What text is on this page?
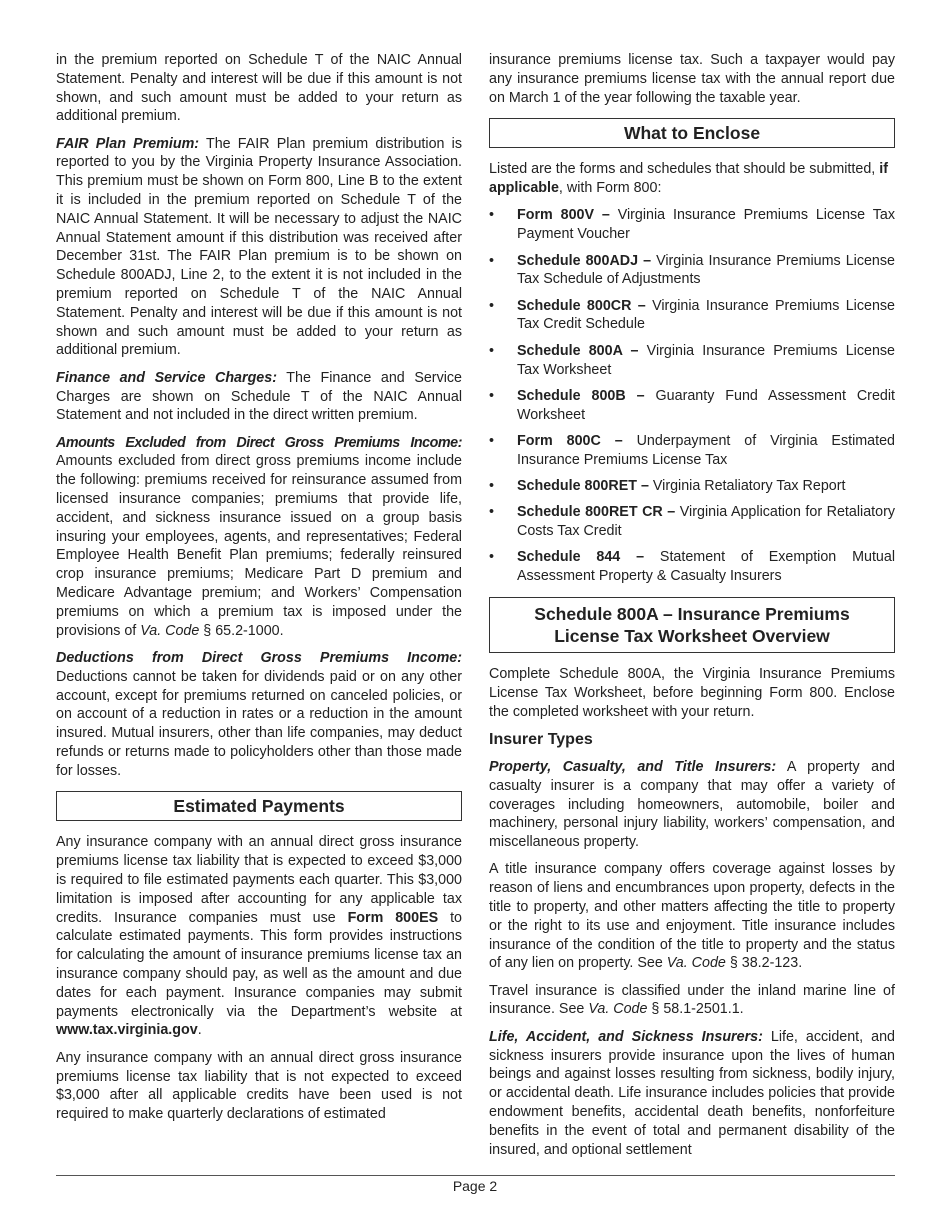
in the premium reported on Schedule T of the NAIC Annual Statement. Penalty and interest will be due if this amount is not shown, and such amount must be added to your return as additional premium.

FAIR Plan Premium: The FAIR Plan premium distribution is reported to you by the Virginia Property Insurance Association. This premium must be shown on Form 800, Line B to the extent it is included in the premium reported on Schedule T of the NAIC Annual Statement. It will be necessary to adjust the NAIC Annual Statement amount if this distribution was received after December 31st. The FAIR Plan premium is to be shown on Schedule 800ADJ, Line 2, to the extent it is not included in the premium reported on Schedule T of the NAIC Annual Statement. Penalty and interest will be due if this amount is not shown and such amount must be added to your return as additional premium.

Finance and Service Charges: The Finance and Service Charges are shown on Schedule T of the NAIC Annual Statement and not included in the direct written premium.

Amounts Excluded from Direct Gross Premiums Income: Amounts excluded from direct gross premiums income include the following: premiums received for reinsurance assumed from licensed insurance companies; premiums that provide life, accident, and sickness insurance issued on a group basis insuring your employees, agents, and representatives; Federal Employee Health Benefit Plan premiums; federally reinsured crop insurance premiums; Medicare Part D premium and Medicare Advantage premium; and Workers’ Compensation premiums on which a premium tax is imposed under the provisions of Va. Code § 65.2-1000.

Deductions from Direct Gross Premiums Income: Deductions cannot be taken for dividends paid or on any other account, except for premiums returned on canceled policies, or on account of a reduction in rates or a reduction in the amount insured. Mutual insurers, other than life companies, may deduct refunds or returns made to policyholders other than those made for losses.

Estimated Payments

Any insurance company with an annual direct gross insurance premiums license tax liability that is expected to exceed $3,000 is required to file estimated payments each quarter. This $3,000 limitation is imposed after accounting for any applicable tax credits. Insurance companies must use Form 800ES to calculate estimated payments. This form provides instructions for calculating the amount of insurance premiums license tax an insurance company should pay, as well as the amount and due dates for each payment. Insurance companies may submit payments electronically via the Department’s website at www.tax.virginia.gov.

Any insurance company with an annual direct gross insurance premiums license tax liability that is not expected to exceed $3,000 after all applicable credits have been used is not required to make quarterly declarations of estimated

insurance premiums license tax. Such a taxpayer would pay any insurance premiums license tax with the annual report due on March 1 of the year following the taxable year.

What to Enclose

Listed are the forms and schedules that should be submitted, if applicable, with Form 800:

• Form 800V – Virginia Insurance Premiums License Tax Payment Voucher
• Schedule 800ADJ – Virginia Insurance Premiums License Tax Schedule of Adjustments
• Schedule 800CR – Virginia Insurance Premiums License Tax Credit Schedule
• Schedule 800A – Virginia Insurance Premiums License Tax Worksheet
• Schedule 800B – Guaranty Fund Assessment Credit Worksheet
• Form 800C – Underpayment of Virginia Estimated Insurance Premiums License Tax
• Schedule 800RET – Virginia Retaliatory Tax Report
• Schedule 800RET CR – Virginia Application for Retaliatory Costs Tax Credit
• Schedule 844 – Statement of Exemption Mutual Assessment Property & Casualty Insurers
Schedule 800A – Insurance Premiums
License Tax Worksheet Overview

Complete Schedule 800A, the Virginia Insurance Premiums License Tax Worksheet, before beginning Form 800. Enclose the completed worksheet with your return.

Insurer Types

Property, Casualty, and Title Insurers: A property and casualty insurer is a company that may offer a variety of coverages including homeowners, automobile, boiler and machinery, personal injury liability, workers’ compensation, and miscellaneous property.

A title insurance company offers coverage against losses by reason of liens and encumbrances upon property, defects in the title to property, and other matters affecting the title to property or the right to its use and enjoyment. Title insurance includes insurance of the condition of the title to property and the status of any lien on property. See Va. Code § 38.2-123.

Travel insurance is classified under the inland marine line of insurance. See Va. Code § 58.1-2501.1.

Life, Accident, and Sickness Insurers: Life, accident, and sickness insurers provide insurance upon the lives of human beings and against losses resulting from sickness, bodily injury, or accidental death. Life insurance includes policies that provide endowment benefits, accidental death benefits, nonforfeiture benefits in the event of total and permanent disability of the insured, and optional settlement

Page 2
